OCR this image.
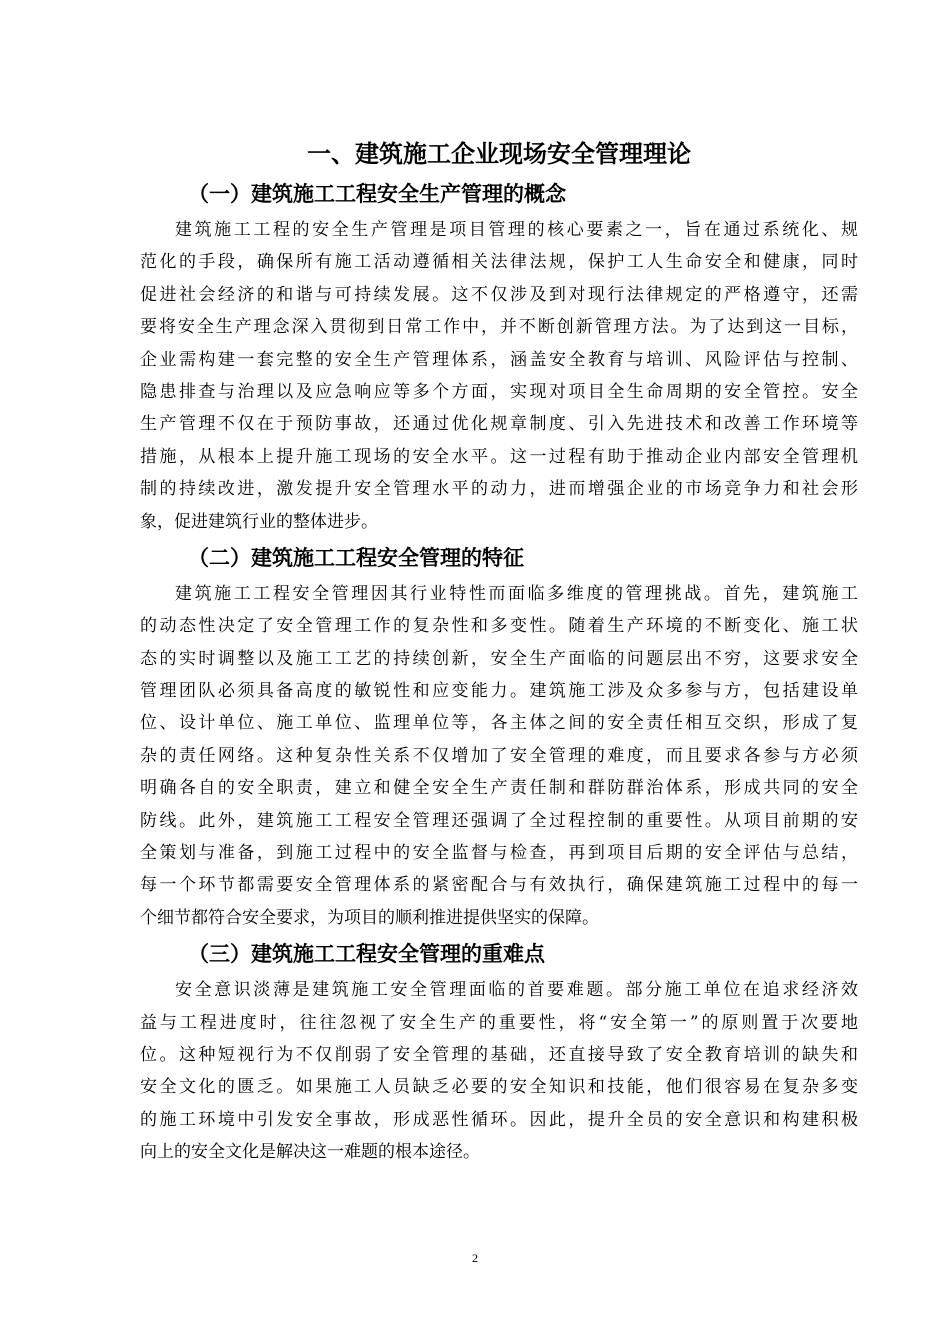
一、建筑施工企业现场安全管理理论
（一）建筑施工工程安全生产管理的概念

建筑施工工程的安全生产管理是项目管理的核心要素之一，旨在通过系统化、规
范化的手段，确保所有施工活动遵循相关法律法规，保护工人生命安全和健康，同时
促进社会经济的和谐与可持续发展。这不仅涉及到对现行法律规定的严格遵守，还需
要将安全生产理念深入贯彻到日常工作中，并不断创新管理方法。为了达到这一目标，
企业需构建一套完整的安全生产管理体系，涵盖安全教育与培训、风险评估与控制、
隐患排查与治理以及应急响应等多个方面，实现对项目全生命周期的安全管控。安全
生产管理不仅在于预防事故，还通过优化规章制度、引入先进技术和改善工作环境等
措施，从根本上提升施工现场的安全水平。这一过程有助于推动企业内部安全管理机
制的持续改进，激发提升安全管理水平的动力，进而增强企业的市场竞争力和社会形
象，促进建筑行业的整体进步。

（二）建筑施工工程安全管理的特征

建筑施工工程安全管理因其行业特性而面临多维度的管理挑战。首先，建筑施工
的动态性决定了安全管理工作的复杂性和多变性。随着生产环境的不断变化、施工状
态的实时调整以及施工工艺的持续创新，安全生产面临的问题层出不穷，这要求安全
管理团队必须具备高度的敏锐性和应变能力。建筑施工涉及众多参与方，包括建设单
位、设计单位、施工单位、监理单位等，各主体之间的安全责任相互交织，形成了复
杂的责任网络。这种复杂性关系不仅增加了安全管理的难度，而且要求各参与方必须
明确各自的安全职责，建立和健全安全生产责任制和群防群治体系，形成共同的安全
防线。此外，建筑施工工程安全管理还强调了全过程控制的重要性。从项目前期的安
全策划与准备，到施工过程中的安全监督与检查，再到项目后期的安全评估与总结，
每一个环节都需要安全管理体系的紧密配合与有效执行，确保建筑施工过程中的每一
个细节都符合安全要求，为项目的顺利推进提供坚实的保障。

（三）建筑施工工程安全管理的重难点

安全意识淡薄是建筑施工安全管理面临的首要难题。部分施工单位在追求经济效
益与工程进度时，往往忽视了安全生产的重要性，将“安全第一”的原则置于次要地
位。这种短视行为不仅削弱了安全管理的基础，还直接导致了安全教育培训的缺失和
安全文化的匮乏。如果施工人员缺乏必要的安全知识和技能，他们很容易在复杂多变
的施工环境中引发安全事故，形成恶性循环。因此，提升全员的安全意识和构建积极
向上的安全文化是解决这一难题的根本途径。

2
